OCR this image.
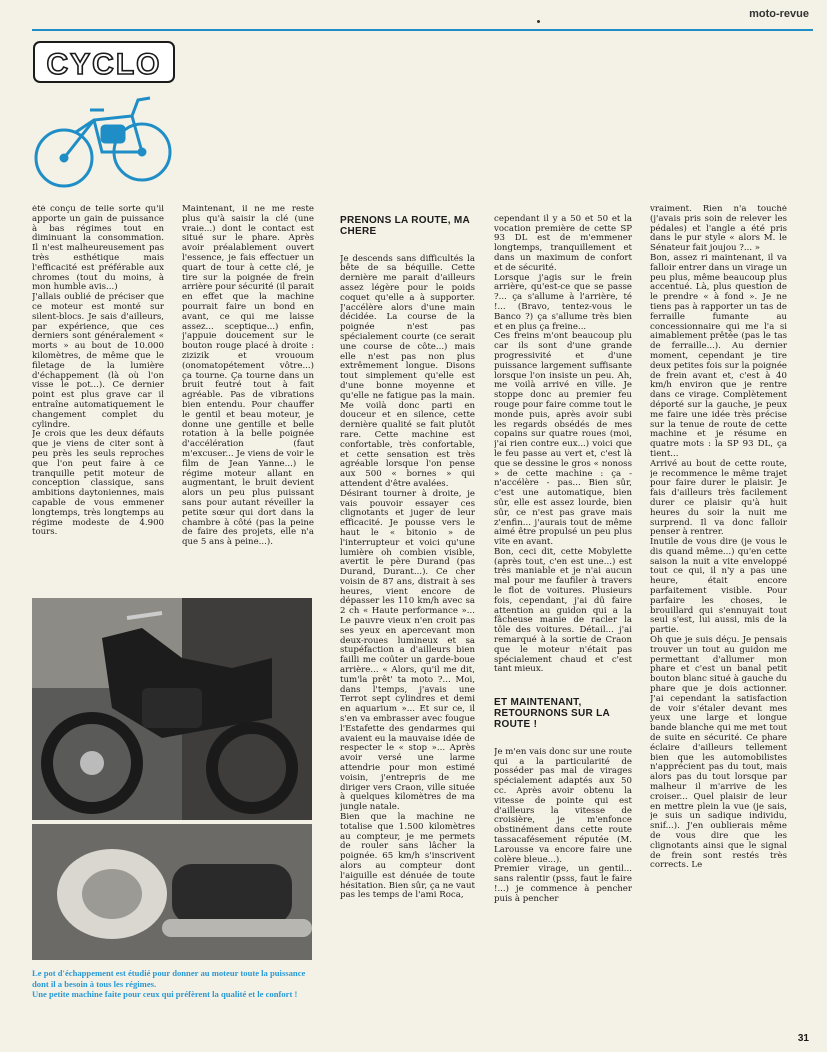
moto-revue
CYCLO
été conçu de telle sorte qu'il apporte un gain de puissance à bas régimes tout en diminuant la consommation. Il n'est malheureusement pas très esthétique mais l'efficacité est préférable aux chromes (tout du moins, à mon humble avis...)
J'allais oublié de préciser que ce moteur est monté sur silent-blocs. Je sais d'ailleurs, par expérience, que ces derniers sont généralement « morts » au bout de 10.000 kilomètres, de même que le filetage de la lumière d'échappement (là où l'on visse le pot...). Ce dernier point est plus grave car il entraîne automatiquement le changement complet du cylindre.
Je crois que les deux défauts que je viens de citer sont à peu près les seuls reproches que l'on peut faire à ce tranquille petit moteur de conception classique, sans ambitions daytoniennes, mais capable de vous emmener longtemps, très longtemps au régime modeste de 4.900 tours.
Maintenant, il ne me reste plus qu'à saisir la clé (une vraie...) dont le contact est situé sur le phare. Après avoir préalablement ouvert l'essence, je fais effectuer un quart de tour à cette clé, je tire sur la poignée de frein arrière pour sécurité (il parait en effet que la machine pourrait faire un bond en avant, ce qui me laisse assez... sceptique...) enfin, j'appuie doucement sur le bouton rouge placé à droite : zizizik et vrououm (onomatopétement vôtre...) ça tourne. Ça tourne dans un bruit feutré tout à fait agréable. Pas de vibrations bien entendu. Pour chauffer le gentil et beau moteur, je donne une gentille et belle rotation à la belle poignée d'accélération (faut m'excuser... Je viens de voir le film de Jean Yanne...) le régime moteur allant en augmentant, le bruit devient alors un peu plus puissant sans pour autant réveiller la petite sœur qui dort dans la chambre à côté (pas la peine de faire des projets, elle n'a que 5 ans à peine...).

PRENONS LA ROUTE, MA CHERE

Je descends sans difficultés la bête de sa béquille. Cette dernière me parait d'ailleurs assez légère pour le poids coquet qu'elle a à supporter. J'accélère alors d'une main décidée. La course de la poignée n'est pas spécialement courte (ce serait une course de côte...) mais elle n'est pas non plus extrêmement longue. Disons tout simplement qu'elle est d'une bonne moyenne et qu'elle ne fatigue pas la main. Me voilà donc parti en douceur et en silence, cette dernière qualité se fait plutôt rare. Cette machine est confortable, très confortable, et cette sensation est très agréable lorsque l'on pense aux 500 « bornes » qui attendent d'être avalées.
Désirant tourner à droite, je vais pouvoir essayer ces clignotants et juger de leur efficacité. Je pousse vers le haut le « bitonio » de l'interrupteur et voici qu'une lumière oh combien visible, avertit le père Durand (pas Durand, Durant...). Ce cher voisin de 87 ans, distrait à ses heures, vient encore de dépasser les 110 km/h avec sa 2 ch « Haute performance »... Le pauvre vieux n'en croit pas ses yeux en apercevant mon deux-roues lumineux et sa stupéfaction a d'ailleurs bien failli me coûter un garde-boue arrière... « Alors, qu'il me dit, tum'la prêt' ta moto ?... Moi, dans l'temps, j'avais une Terrot sept cylindres et demi en aquarium »... Et sur ce, il s'en va embrasser avec fougue l'Estafette des gendarmes qui avaient eu la mauvaise idée de respecter le « stop »... Après avoir versé une larme attendrie pour mon estimé voisin, j'entrepris de me diriger vers Craon, ville située à quelques kilomètres de ma jungle natale.
Bien que la machine ne totalise que 1.500 kilomètres au compteur, je me permets de rouler sans lâcher la poignée. 65 km/h s'inscrivent alors au compteur dont l'aiguille est dénuée de toute hésitation. Bien sûr, ça ne vaut pas les temps de l'ami Roca,

cependant il y a 50 et 50 et la vocation première de cette SP 93 DL est de m'emmener longtemps, tranquillement et dans un maximum de confort et de sécurité.
Lorsque j'agis sur le frein arrière, qu'est-ce que se passe ?... ça s'allume à l'arrière, té !... (Bravo, tentez-vous le Banco ?) ça s'allume très bien et en plus ça freine...
Ces freins m'ont beaucoup plu car ils sont d'une grande progressivité et d'une puissance largement suffisante lorsque l'on insiste un peu. Ah, me voilà arrivé en ville. Je stoppe donc au premier feu rouge pour faire comme tout le monde puis, après avoir subi les regards obsédés de mes copains sur quatre roues (moi, j'ai rien contre eux...) voici que le feu passe au vert et, c'est là que se dessine le gros « nonoss » de cette machine : ça - n'accélère - pas... Bien sûr, c'est une automatique, bien sûr, elle est assez lourde, bien sûr, ce n'est pas grave mais z'enfin... j'aurais tout de même aimé être propulsé un peu plus vite en avant.
Bon, ceci dit, cette Mobylette (après tout, c'en est une...) est très maniable et je n'ai aucun mal pour me faufiler à travers le flot de voitures. Plusieurs fois, cependant, j'ai dû faire attention au guidon qui a la fâcheuse manie de racler la tôle des voitures. Détail... j'ai remarqué à la sortie de Craon que le moteur n'était pas spécialement chaud et c'est tant mieux.

ET MAINTENANT, RETOURNONS SUR LA ROUTE !

Je m'en vais donc sur une route qui a la particularité de posséder pas mal de virages spécialement adaptés aux 50 cc. Après avoir obtenu la vitesse de pointe qui est d'ailleurs la vitesse de croisière, je m'enfonce obstinément dans cette route tassacafésement réputée (M. Larousse va encore faire une colère bleue...).
Premier virage, un gentil... sans ralentir (psss, faut le faire !...) je commence à pencher puis à pencher

vraiment. Rien n'a touché (j'avais pris soin de relever les pédales) et l'angle a été pris dans le pur style « alors M. le Sénateur fait joujou ?... »
Bon, assez ri maintenant, il va falloir entrer dans un virage un peu plus, même beaucoup plus accentué. Là, plus question de le prendre « à fond ». Je ne tiens pas à rapporter un tas de ferraille fumante au concessionnaire qui me l'a si aimablement prêtée (pas le tas de ferraille...). Au dernier moment, cependant je tire deux petites fois sur la poignée de frein avant et, c'est à 40 km/h environ que je rentre dans ce virage. Complètement déporté sur la gauche, je peux me faire une idée très précise sur la tenue de route de cette machine et je résume en quatre mots : la SP 93 DL, ça tient...
Arrivé au bout de cette route, je recommence le même trajet pour faire durer le plaisir. Je fais d'ailleurs très facilement durer ce plaisir qu'à huit heures du soir la nuit me surprend. Il va donc falloir penser à rentrer.
Inutile de vous dire (je vous le dis quand même...) qu'en cette saison la nuit a vite enveloppé tout ce qui, il n'y a pas une heure, était encore parfaitement visible. Pour parfaire les choses, le brouillard qui s'ennuyait tout seul s'est, lui aussi, mis de la partie.
Oh que je suis déçu. Je pensais trouver un tout au guidon me permettant d'allumer mon phare et c'est un banal petit bouton blanc situé à gauche du phare que je dois actionner. J'ai cependant la satisfaction de voir s'étaler devant mes yeux une large et longue bande blanche qui me met tout de suite en sécurité. Ce phare éclaire d'ailleurs tellement bien que les automobilistes n'apprécient pas du tout, mais alors pas du tout lorsque par malheur il m'arrive de les croiser... Quel plaisir de leur en mettre plein la vue (je sais, je suis un sadique individu, snif...). J'en oublierais même de vous dire que les clignotants ainsi que le signal de frein sont restés très corrects. Le
Le pot d'échappement est étudié pour donner au moteur toute la puissance dont il a besoin à tous les régimes.
Une petite machine faite pour ceux qui préfèrent la qualité et le confort !
31
